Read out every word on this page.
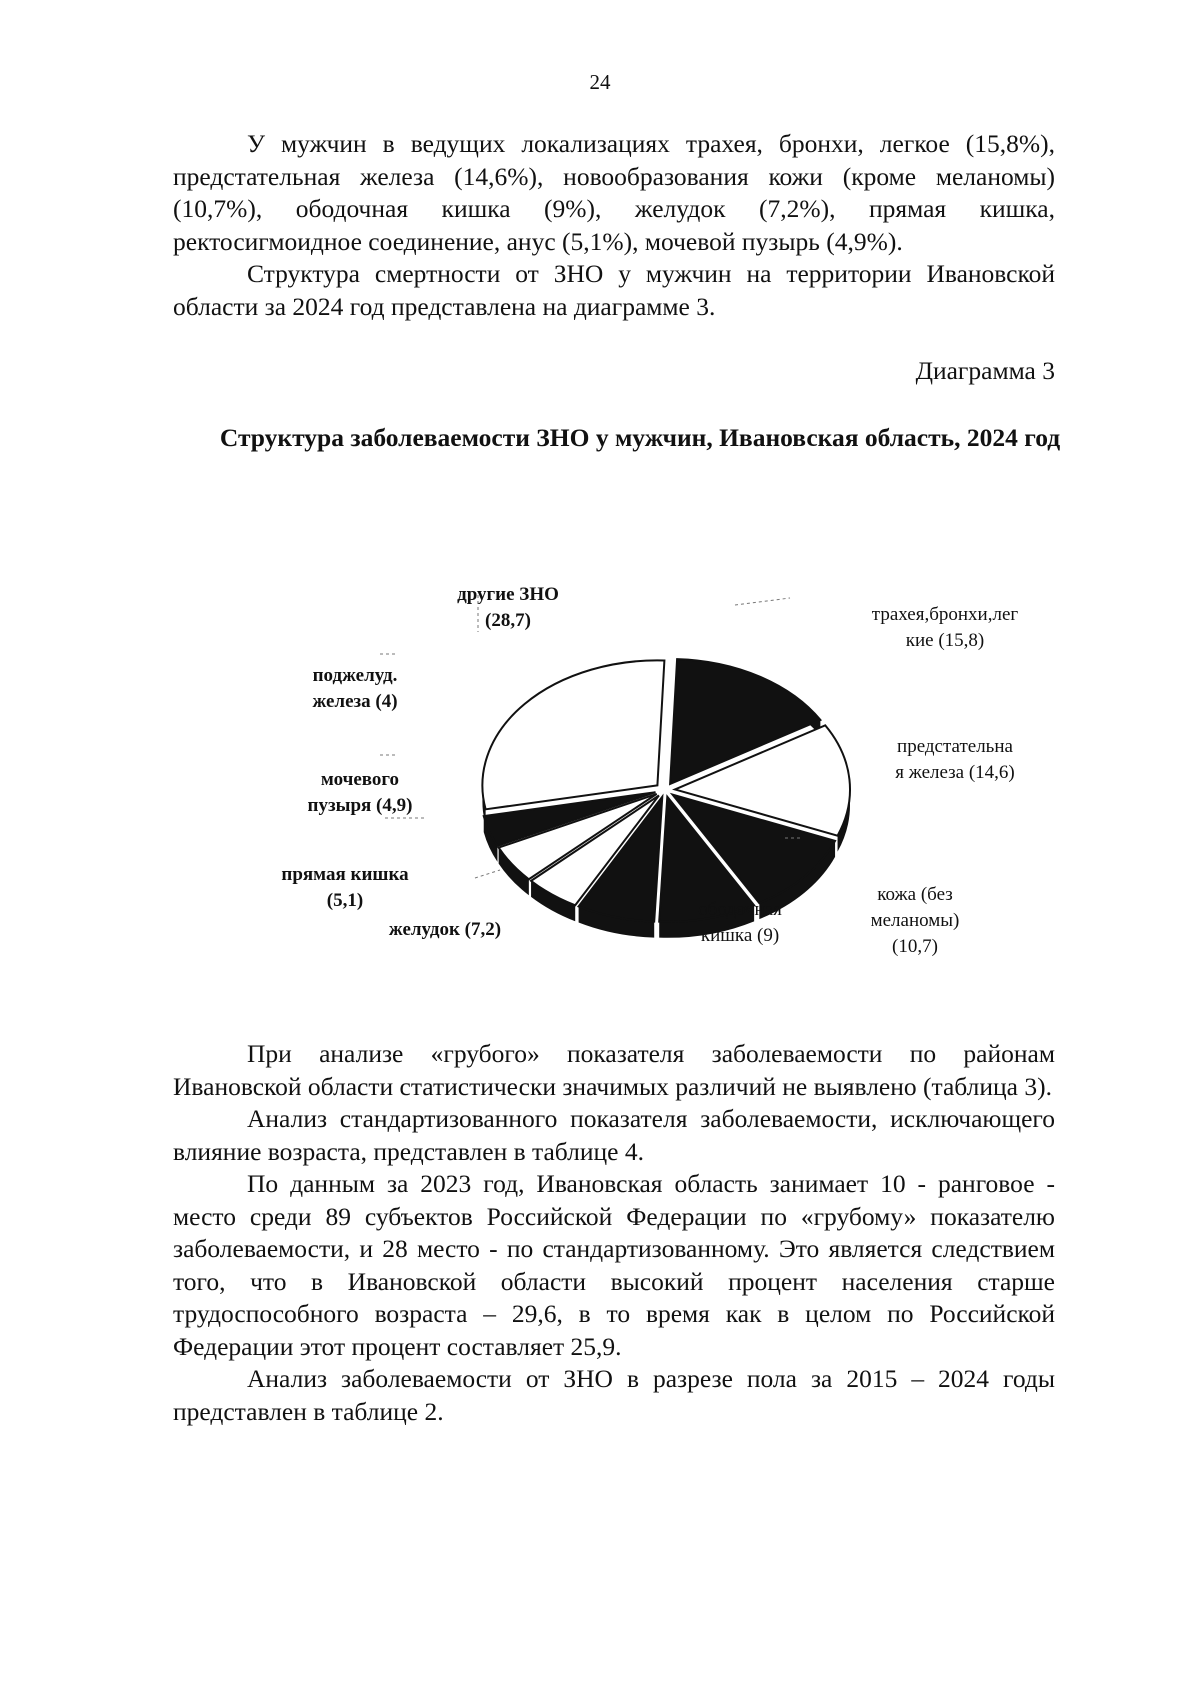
24

У мужчин в ведущих локализациях трахея, бронхи, легкое (15,8%), предстательная железа (14,6%), новообразования кожи (кроме меланомы) (10,7%), ободочная кишка (9%), желудок (7,2%), прямая кишка, ректосигмоидное соединение, анус (5,1%), мочевой пузырь (4,9%).

Структура смертности от ЗНО у мужчин на территории Ивановской области за 2024 год представлена на диаграмме 3.

Диаграмма 3
Структура заболеваемости ЗНО у мужчин, Ивановская область, 2024 год
трахея,бронхи,лег кие (15,8)
предстательна я железа (14,6)
кожа (без меланомы) (10,7)
ободочная кишка (9)
желудок (7,2)
прямая кишка (5,1)
мочевого пузыря (4,9)
поджелуд. железа (4)
другие ЗНО (28,7)

При анализе «грубого» показателя заболеваемости по районам Ивановской области статистически значимых различий не выявлено (таблица 3).

Анализ стандартизованного показателя заболеваемости, исключающего влияние возраста, представлен в таблице 4.

По данным за 2023 год, Ивановская область занимает 10 - ранговое - место среди 89 субъектов Российской Федерации по «грубому» показателю заболеваемости, и 28 место - по стандартизованному. Это является следствием того, что в Ивановской области высокий процент населения старше трудоспособного возраста – 29,6, в то время как в целом по Российской Федерации этот процент составляет 25,9.

Анализ заболеваемости от ЗНО в разрезе пола за 2015 – 2024 годы представлен в таблице 2.
